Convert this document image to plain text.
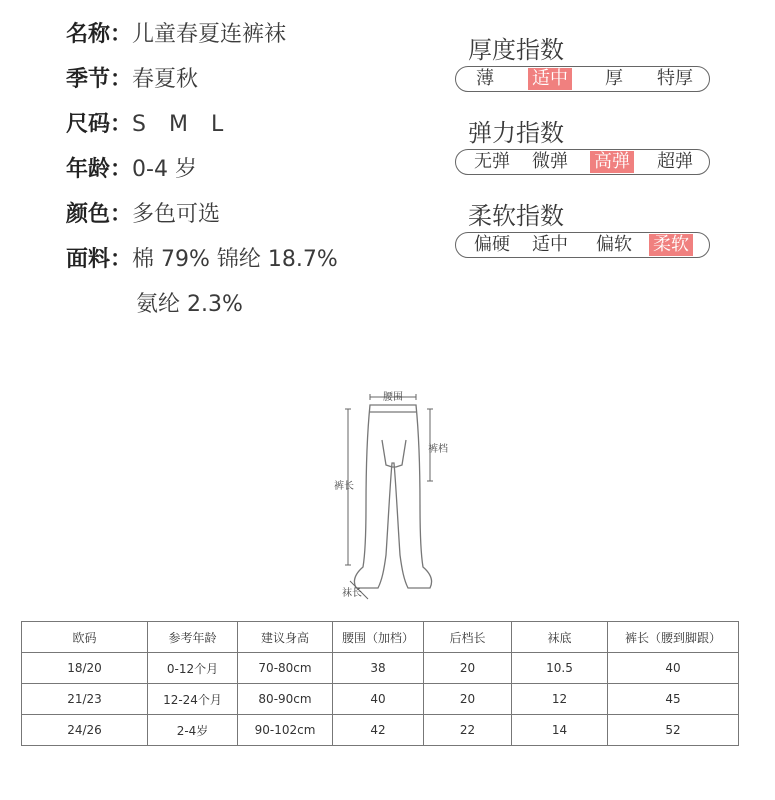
名称：儿童春夏连裤袜
季节：春夏秋
尺码：S M L
年龄：0-4 岁
颜色：多色可选
面料：棉 79% 锦纶 18.7%
氨纶 2.3%
厚度指数
薄 适中 厚 特厚
弹力指数
无弹 微弹 高弹 超弹
柔软指数
偏硬 适中 偏软 柔软
腰围
裤档
裤长
袜长
欧码	参考年龄	建议身高	腰围（加档）	后档长	袜底	裤长（腰到脚跟）
18/20	0-12个月	70-80cm	38	20	10.5	40
21/23	12-24个月	80-90cm	40	20	12	45
24/26	2-4岁	90-102cm	42	22	14	52
